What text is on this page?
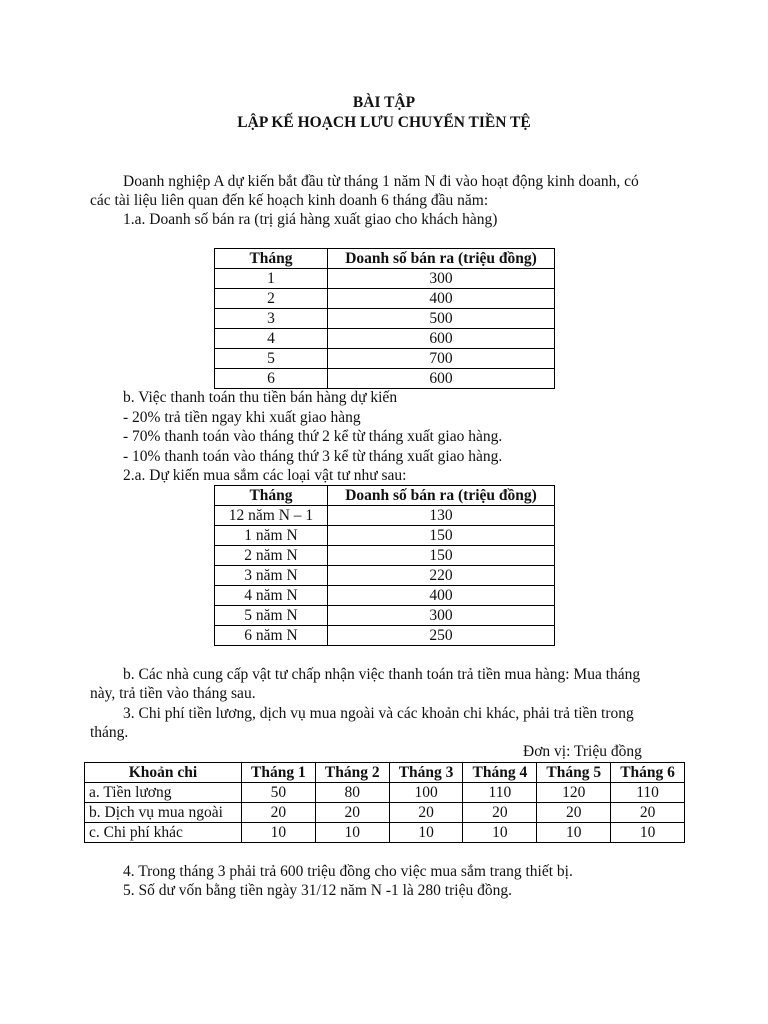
BÀI TẬP
LẬP KẾ HOẠCH LƯU CHUYỂN TIỀN TỆ
Doanh nghiệp A dự kiến bắt đầu từ tháng 1 năm N đi vào hoạt động kinh doanh, có
các tài liệu liên quan đến kế hoạch kinh doanh 6 tháng đầu năm:
1.a. Doanh số bán ra (trị giá hàng xuất giao cho khách hàng)
Tháng	Doanh số bán ra (triệu đồng)
1	300
2	400
3	500
4	600
5	700
6	600
b. Việc thanh toán thu tiền bán hàng dự kiến
- 20% trả tiền ngay khi xuất giao hàng
- 70% thanh toán vào tháng thứ 2 kể từ tháng xuất giao hàng.
- 10% thanh toán vào tháng thứ 3 kể từ tháng xuất giao hàng.
2.a. Dự kiến mua sắm các loại vật tư như sau:
Tháng	Doanh số bán ra (triệu đồng)
12 năm N – 1	130
1 năm N	150
2 năm N	150
3 năm N	220
4 năm N	400
5 năm N	300
6 năm N	250
b. Các nhà cung cấp vật tư chấp nhận việc thanh toán trả tiền mua hàng: Mua tháng
này, trả tiền vào tháng sau.
3. Chi phí tiền lương, dịch vụ mua ngoài và các khoản chi khác, phải trả tiền trong
tháng.
Đơn vị: Triệu đồng
Khoản chi	Tháng 1	Tháng 2	Tháng 3	Tháng 4	Tháng 5	Tháng 6
a. Tiền lương	50	80	100	110	120	110
b. Dịch vụ mua ngoài	20	20	20	20	20	20
c. Chi phí khác	10	10	10	10	10	10
4. Trong tháng 3 phải trả 600 triệu đồng cho việc mua sắm trang thiết bị.
5. Số dư vốn bằng tiền ngày 31/12 năm N -1 là 280 triệu đồng.
